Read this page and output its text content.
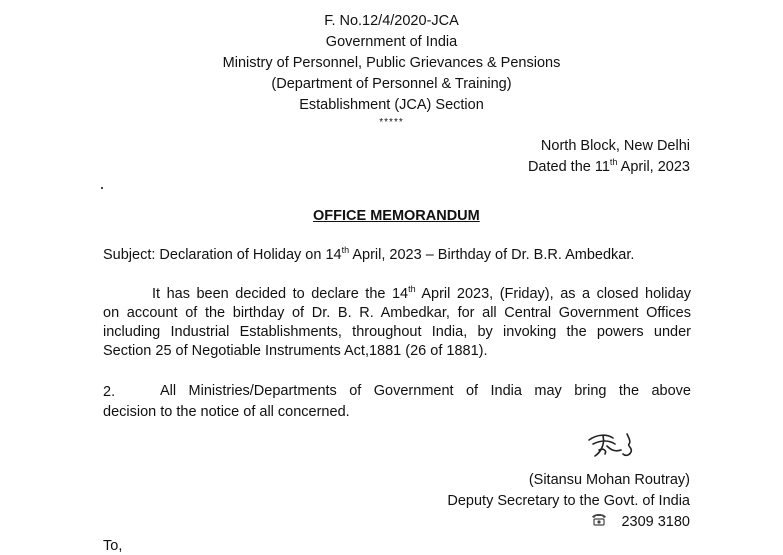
F. No.12/4/2020-JCA
Government of India
Ministry of Personnel, Public Grievances & Pensions
(Department of Personnel & Training)
Establishment (JCA) Section
*****
North Block, New Delhi
Dated the 11th April, 2023
OFFICE MEMORANDUM
Subject: Declaration of Holiday on 14th April, 2023 – Birthday of Dr. B.R. Ambedkar.
It has been decided to declare the 14th April 2023, (Friday), as a closed holiday
on account of the birthday of Dr. B. R. Ambedkar, for all Central Government Offices
including Industrial Establishments, throughout India, by invoking the powers under
Section 25 of Negotiable Instruments Act,1881 (26 of 1881).
2.	All Ministries/Departments of Government of India may bring the above
decision to the notice of all concerned.
(Sitansu Mohan Routray)
Deputy Secretary to the Govt. of India
2309 3180
To,
